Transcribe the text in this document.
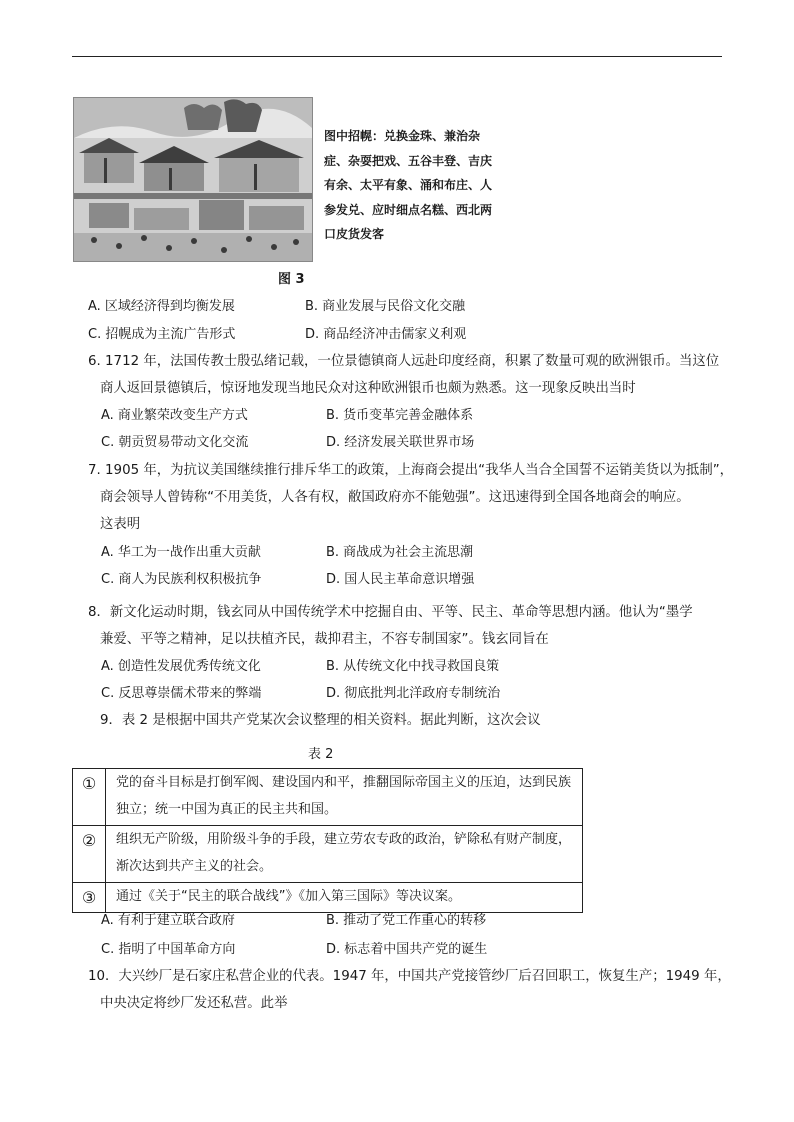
图中招幌：兑换金珠、兼治杂症、杂耍把戏、五谷丰登、吉庆有余、太平有象、涌和布庄、人参发兑、应时细点名糕、西北两口皮货发客
图 3
A. 区域经济得到均衡发展	B. 商业发展与民俗文化交融
C. 招幌成为主流广告形式	D. 商品经济冲击儒家义利观
6. 1712 年，法国传教士殷弘绪记载，一位景德镇商人远赴印度经商，积累了数量可观的欧洲银币。当这位
商人返回景德镇后，惊讶地发现当地民众对这种欧洲银币也颇为熟悉。这一现象反映出当时
A. 商业繁荣改变生产方式	B. 货币变革完善金融体系
C. 朝贡贸易带动文化交流	D. 经济发展关联世界市场
7. 1905 年，为抗议美国继续推行排斥华工的政策，上海商会提出“我华人当合全国誓不运销美货以为抵制”，
商会领导人曾铸称“不用美货，人各有权，敝国政府亦不能勉强”。这迅速得到全国各地商会的响应。
这表明
A. 华工为一战作出重大贡献	B. 商战成为社会主流思潮
C. 商人为民族利权积极抗争	D. 国人民主革命意识增强
8．新文化运动时期，钱玄同从中国传统学术中挖掘自由、平等、民主、革命等思想内涵。他认为“墨学
兼爱、平等之精神，足以扶植齐民，裁抑君主，不容专制国家”。钱玄同旨在
A. 创造性发展优秀传统文化	B. 从传统文化中找寻救国良策
C. 反思尊崇儒术带来的弊端	D. 彻底批判北洋政府专制统治
9．表 2 是根据中国共产党某次会议整理的相关资料。据此判断，这次会议
表 2
①	党的奋斗目标是打倒军阀、建设国内和平，推翻国际帝国主义的压迫，达到民族独立；统一中国为真正的民主共和国。
②	组织无产阶级，用阶级斗争的手段，建立劳农专政的政治，铲除私有财产制度，渐次达到共产主义的社会。
③	通过《关于“民主的联合战线”》《加入第三国际》等决议案。
A. 有利于建立联合政府	B. 推动了党工作重心的转移
C. 指明了中国革命方向	D. 标志着中国共产党的诞生
10．大兴纱厂是石家庄私营企业的代表。1947 年，中国共产党接管纱厂后召回职工，恢复生产；1949 年，
中央决定将纱厂发还私营。此举
